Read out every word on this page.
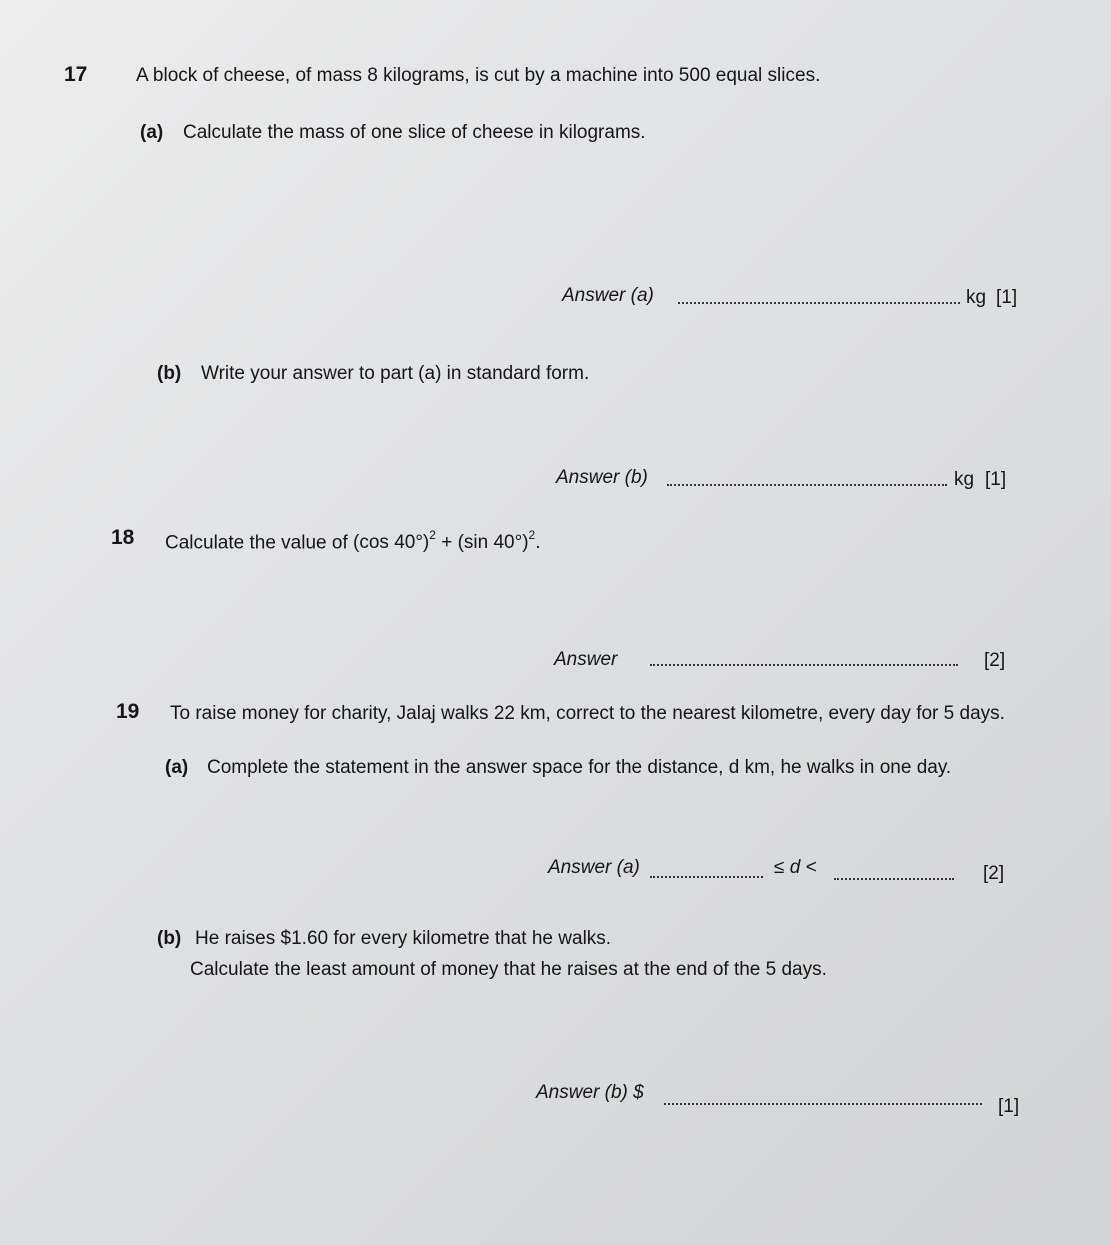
17	A block of cheese, of mass 8 kilograms, is cut by a machine into 500 equal slices.
(a) Calculate the mass of one slice of cheese in kilograms.
Answer (a)	kg [1]
(b) Write your answer to part (a) in standard form.
Answer (b)	kg [1]
18 Calculate the value of (cos 40°)$^2$ + (sin 40°)$^2$.
Answer	[2]
19 To raise money for charity, Jalaj walks 22 km, correct to the nearest kilometre, every day for 5 days.
(a) Complete the statement in the answer space for the distance, d km, he walks in one day.
Answer (a)	≤ d <	[2]
(b) He raises $1.60 for every kilometre that he walks.
Calculate the least amount of money that he raises at the end of the 5 days.
Answer (b) $
[1]
